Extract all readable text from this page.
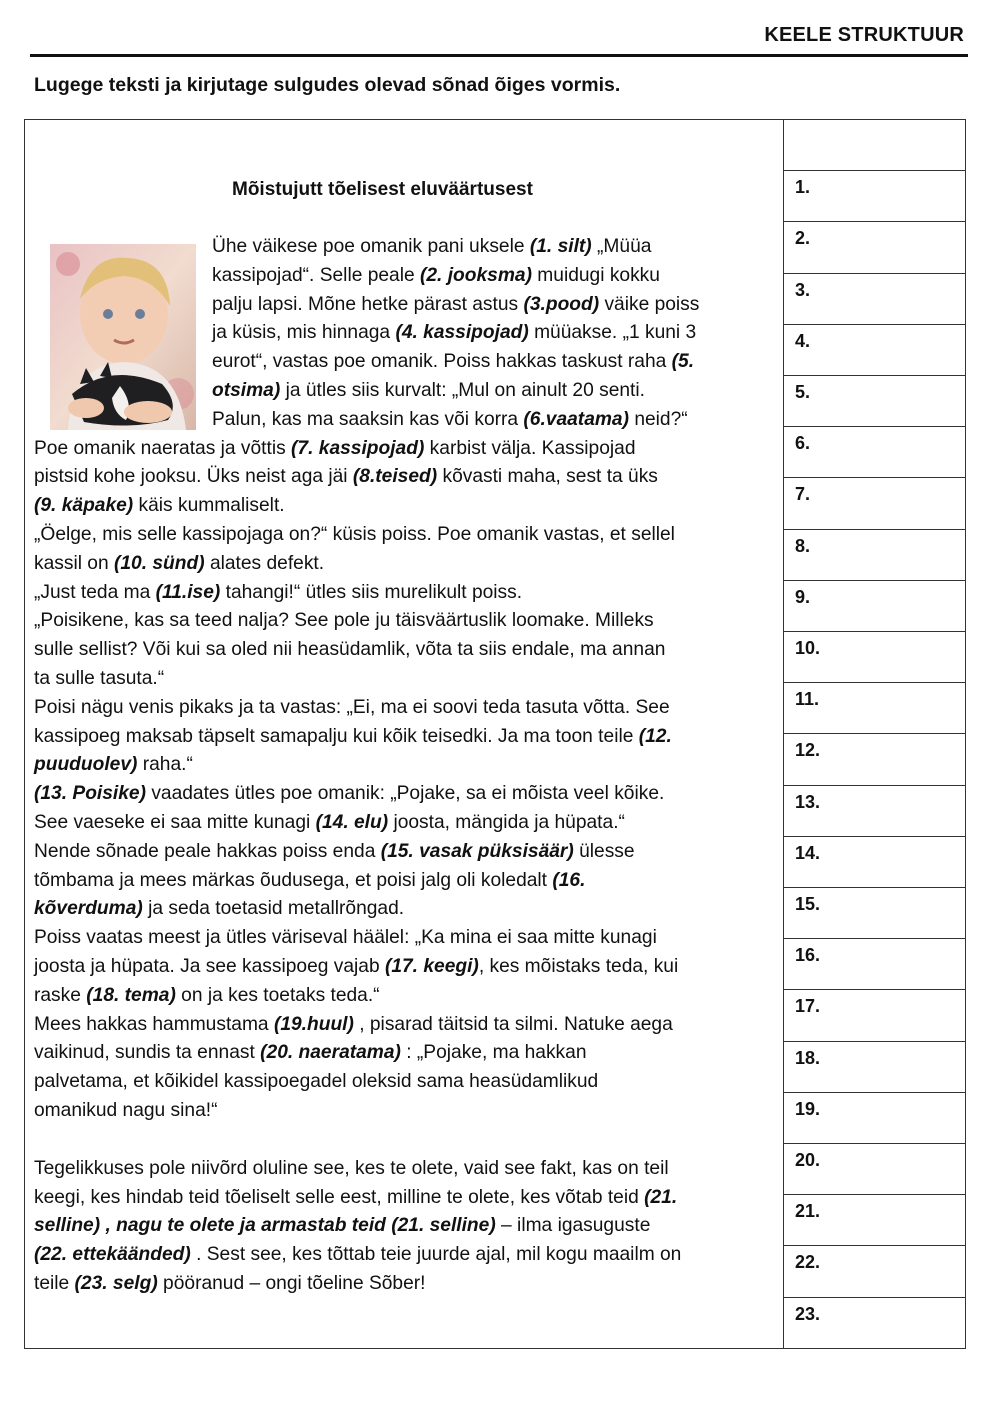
KEELE STRUKTUUR
Lugege teksti ja kirjutage sulgudes olevad sõnad õiges vormis.
1.
2.
3.
4.
5.
6.
7.
8.
9.
10.
11.
12.
13.
14.
15.
16.
17.
18.
19.
20.
21.
22.
23.
Mõistujutt tõelisest eluväärtusest

Ühe väikese poe omanik pani uksele (1. silt) „Müüa

kassipojad“. Selle peale (2. jooksma) muidugi kokku

palju lapsi. Mõne hetke pärast astus (3.pood) väike poiss

ja küsis, mis hinnaga (4. kassipojad) müüakse. „1 kuni 3

eurot“, vastas poe omanik. Poiss hakkas taskust raha (5.

otsima) ja ütles siis kurvalt: „Mul on ainult 20 senti.

Palun, kas ma saaksin kas või korra (6.vaatama) neid?“

Poe omanik naeratas ja võttis (7. kassipojad) karbist välja. Kassipojad

pistsid kohe jooksu. Üks neist aga jäi (8.teised) kõvasti maha, sest ta üks

(9. käpake) käis kummaliselt.

„Öelge, mis selle kassipojaga on?“ küsis poiss. Poe omanik vastas, et sellel

kassil on (10. sünd) alates defekt.

„Just teda ma (11.ise) tahangi!“ ütles siis murelikult poiss.

„Poisikene, kas sa teed nalja? See pole ju täisväärtuslik loomake. Milleks

sulle sellist? Või kui sa oled nii heasüdamlik, võta ta siis endale, ma annan

ta sulle tasuta.“

Poisi nägu venis pikaks ja ta vastas: „Ei, ma ei soovi teda tasuta võtta. See

kassipoeg maksab täpselt samapalju kui kõik teisedki. Ja ma toon teile (12.

puuduolev) raha.“

(13. Poisike) vaadates ütles poe omanik: „Pojake, sa ei mõista veel kõike.

See vaeseke ei saa mitte kunagi (14. elu) joosta, mängida ja hüpata.“

Nende sõnade peale hakkas poiss enda (15. vasak püksisäär) ülesse

tõmbama ja mees märkas õudusega, et poisi jalg oli koledalt (16.

kõverduma) ja seda toetasid metallrõngad.

Poiss vaatas meest ja ütles väriseval häälel: „Ka mina ei saa mitte kunagi

joosta ja hüpata. Ja see kassipoeg vajab (17. keegi), kes mõistaks teda, kui

raske (18. tema) on ja kes toetaks teda.“

Mees hakkas hammustama (19.huul) , pisarad täitsid ta silmi. Natuke aega

vaikinud, sundis ta ennast (20. naeratama) : „Pojake, ma hakkan

palvetama, et kõikidel kassipoegadel oleksid sama heasüdamlikud

omanikud nagu sina!“

Tegelikkuses pole niivõrd oluline see, kes te olete, vaid see fakt, kas on teil

keegi, kes hindab teid tõeliselt selle eest, milline te olete, kes võtab teid (21.

selline) , nagu te olete ja armastab teid (21. selline) – ilma igasuguste

(22. ettekäänded) . Sest see, kes tõttab teie juurde ajal, mil kogu maailm on

teile (23. selg) pööranud – ongi tõeline Sõber!
